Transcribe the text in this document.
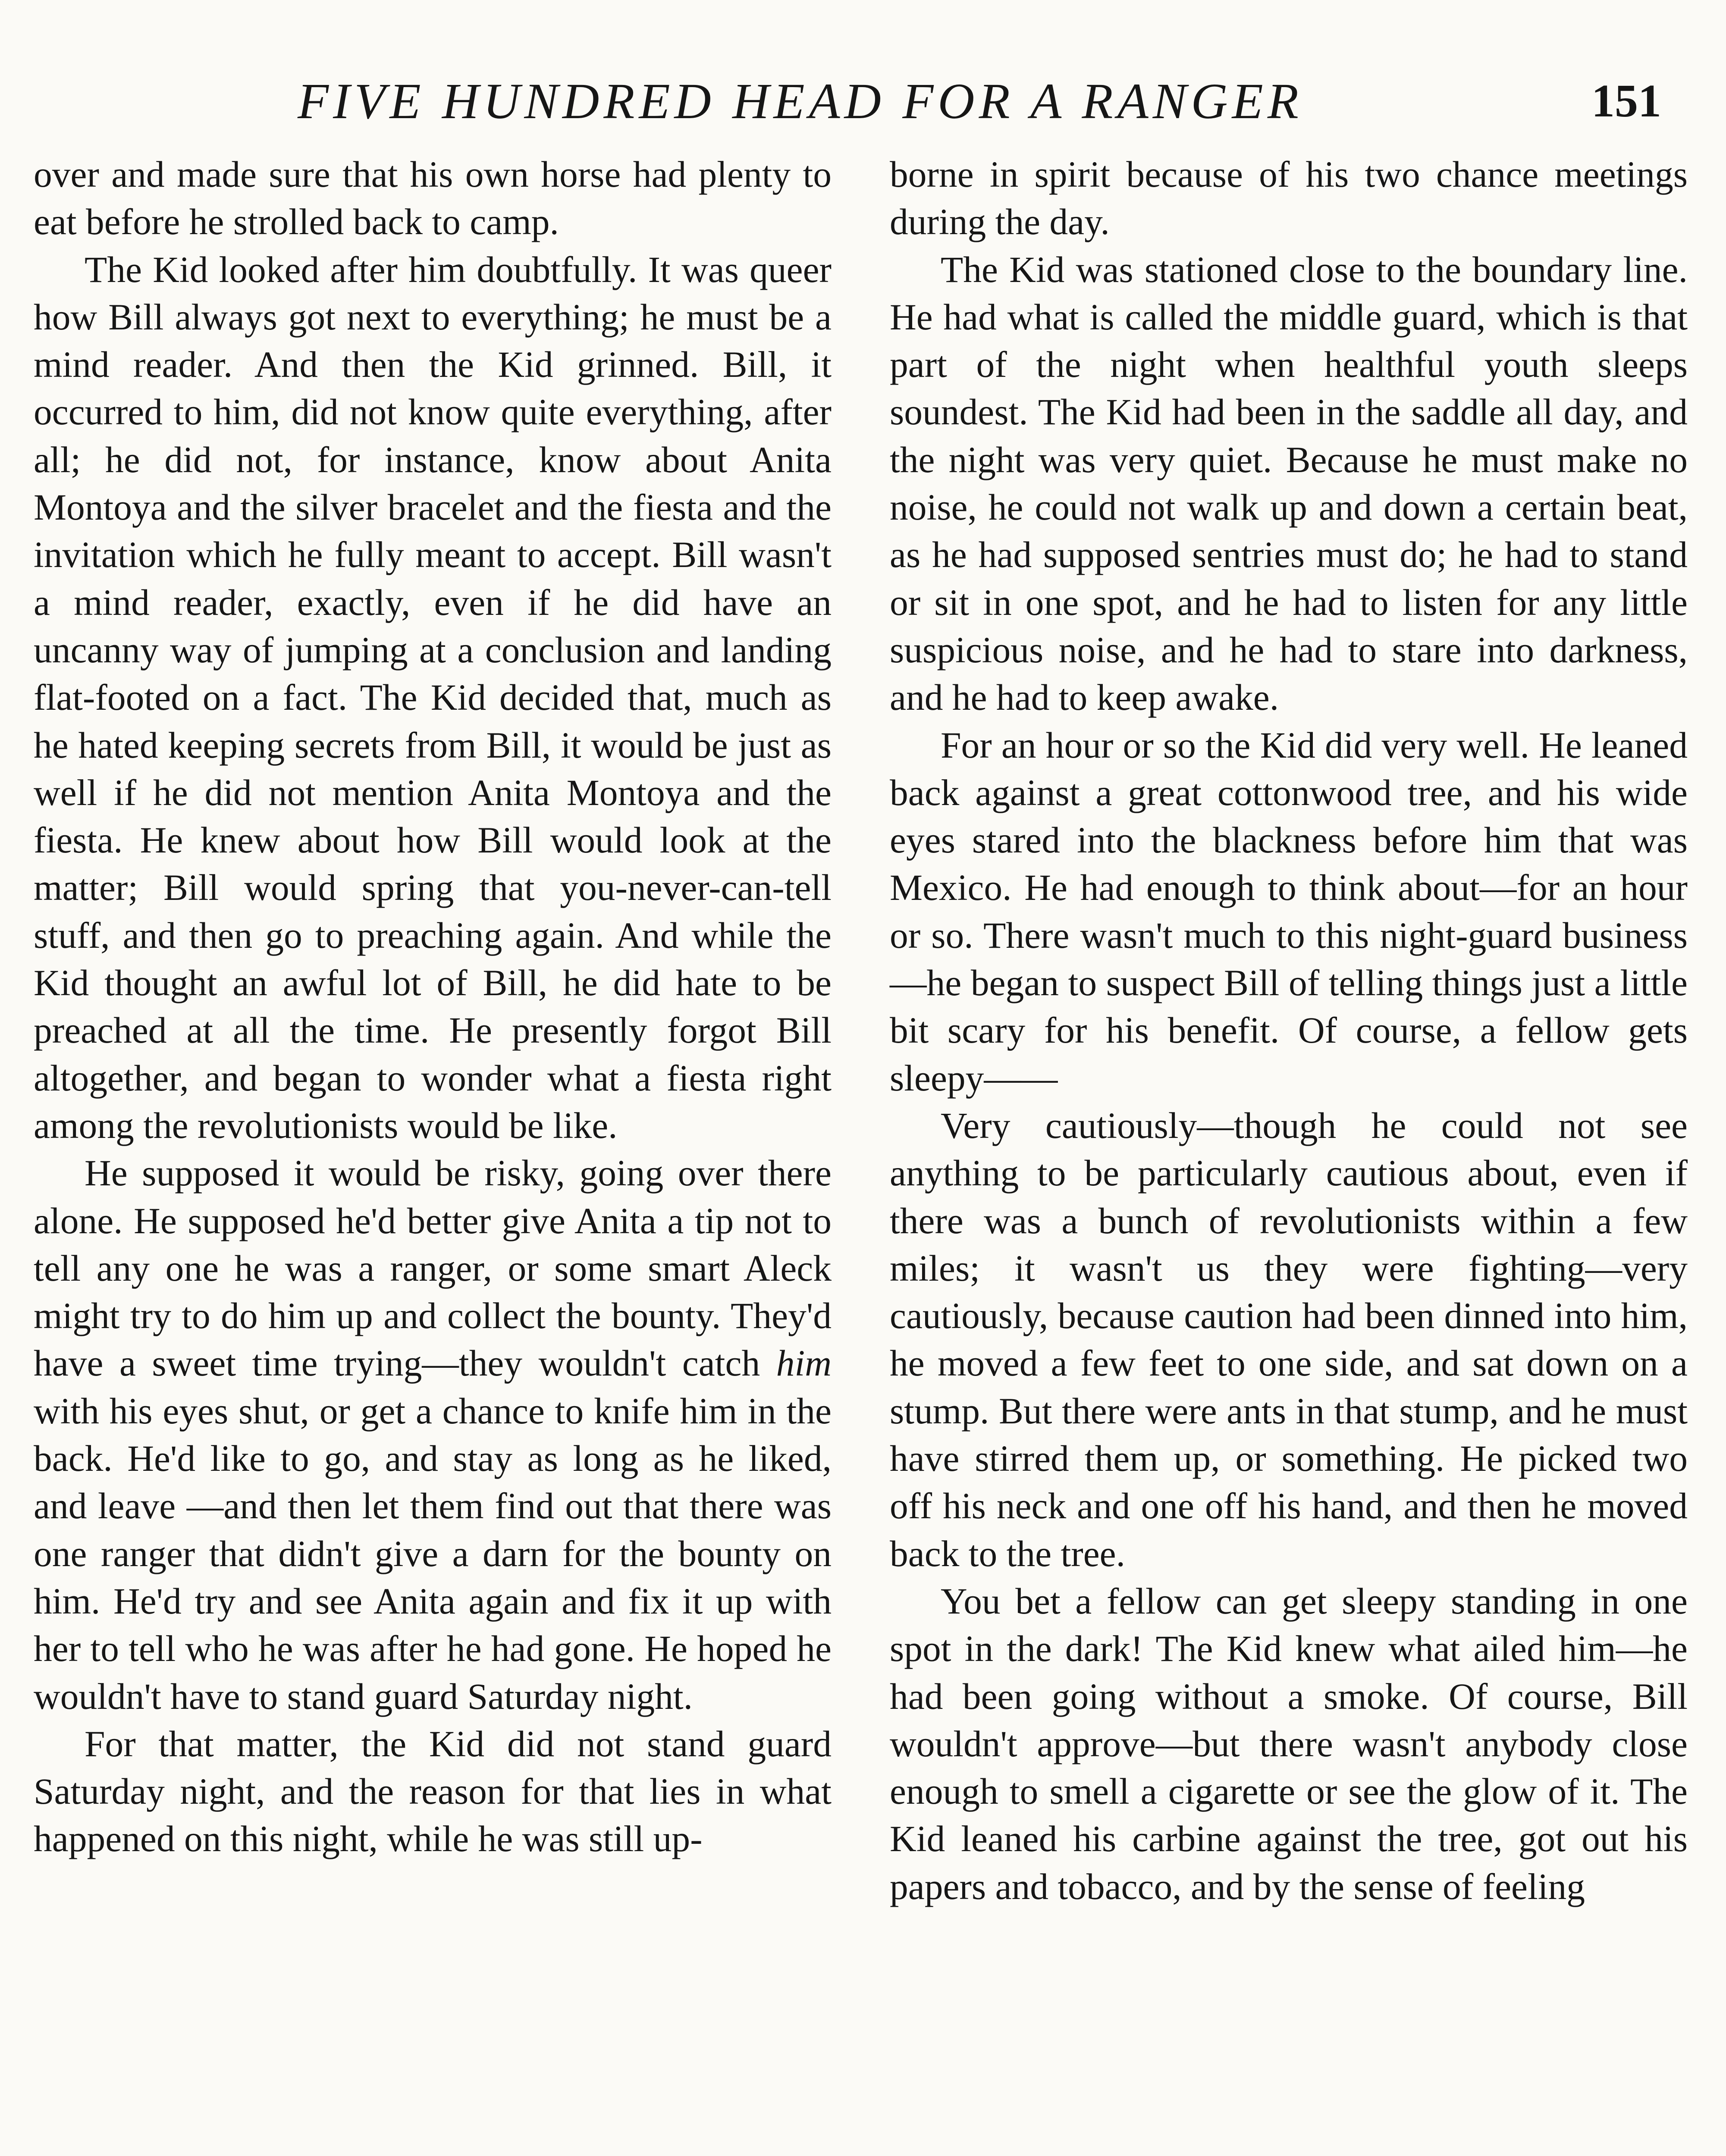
FIVE HUNDRED HEAD FOR A RANGER	151

over and made sure that his own horse had plenty to eat before he strolled back to camp.

The Kid looked after him doubtfully. It was queer how Bill always got next to everything; he must be a mind reader. And then the Kid grinned. Bill, it occurred to him, did not know quite everything, after all; he did not, for instance, know about Anita Montoya and the silver bracelet and the fiesta and the invitation which he fully meant to accept. Bill wasn't a mind reader, exactly, even if he did have an uncanny way of jumping at a conclusion and landing flat-footed on a fact. The Kid decided that, much as he hated keeping secrets from Bill, it would be just as well if he did not mention Anita Montoya and the fiesta. He knew about how Bill would look at the matter; Bill would spring that you-never-can-tell stuff, and then go to preaching again. And while the Kid thought an awful lot of Bill, he did hate to be preached at all the time. He presently forgot Bill altogether, and began to wonder what a fiesta right among the revolutionists would be like.

He supposed it would be risky, going over there alone. He supposed he'd better give Anita a tip not to tell any one he was a ranger, or some smart Aleck might try to do him up and collect the bounty. They'd have a sweet time trying—they wouldn't catch him with his eyes shut, or get a chance to knife him in the back. He'd like to go, and stay as long as he liked, and leave —and then let them find out that there was one ranger that didn't give a darn for the bounty on him. He'd try and see Anita again and fix it up with her to tell who he was after he had gone. He hoped he wouldn't have to stand guard Saturday night.

For that matter, the Kid did not stand guard Saturday night, and the reason for that lies in what happened on this night, while he was still up-

borne in spirit because of his two chance meetings during the day.

The Kid was stationed close to the boundary line. He had what is called the middle guard, which is that part of the night when healthful youth sleeps soundest. The Kid had been in the saddle all day, and the night was very quiet. Because he must make no noise, he could not walk up and down a certain beat, as he had supposed sentries must do; he had to stand or sit in one spot, and he had to listen for any little suspicious noise, and he had to stare into darkness, and he had to keep awake.

For an hour or so the Kid did very well. He leaned back against a great cottonwood tree, and his wide eyes stared into the blackness before him that was Mexico. He had enough to think about—for an hour or so. There wasn't much to this night-guard business—he began to suspect Bill of telling things just a little bit scary for his benefit. Of course, a fellow gets sleepy——

Very cautiously—though he could not see anything to be particularly cautious about, even if there was a bunch of revolutionists within a few miles; it wasn't us they were fighting—very cautiously, because caution had been dinned into him, he moved a few feet to one side, and sat down on a stump. But there were ants in that stump, and he must have stirred them up, or something. He picked two off his neck and one off his hand, and then he moved back to the tree.

You bet a fellow can get sleepy standing in one spot in the dark! The Kid knew what ailed him—he had been going without a smoke. Of course, Bill wouldn't approve—but there wasn't anybody close enough to smell a cigarette or see the glow of it. The Kid leaned his carbine against the tree, got out his papers and tobacco, and by the sense of feeling
